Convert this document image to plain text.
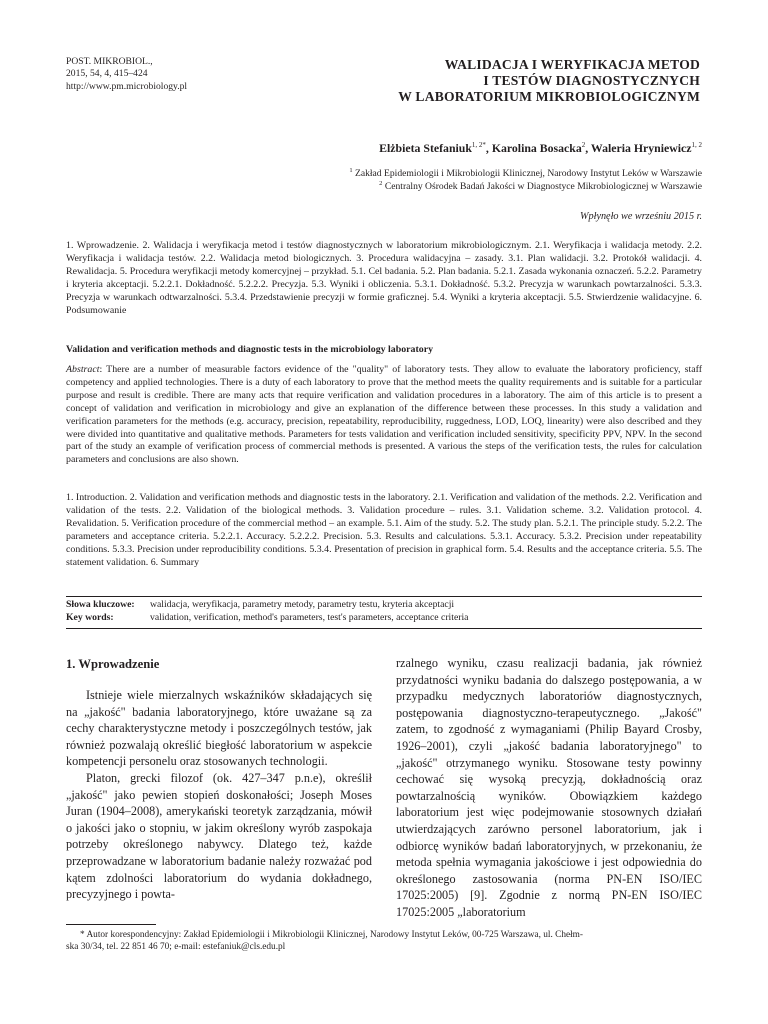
POST. MIKROBIOL.,
2015, 54, 4, 415–424
http://www.pm.microbiology.pl
WALIDACJA I WERYFIKACJA METOD
I TESTÓW DIAGNOSTYCZNYCH
W LABORATORIUM MIKROBIOLOGICZNYM
Elżbieta Stefaniuk$^{1, 2*}$, Karolina Bosacka$^2$, Waleria Hryniewicz$^{1, 2}$
$^1$ Zakład Epidemiologii i Mikrobiologii Klinicznej, Narodowy Instytut Leków w Warszawie
$^2$ Centralny Ośrodek Badań Jakości w Diagnostyce Mikrobiologicznej w Warszawie
Wpłynęło we wrześniu 2015 r.

1. Wprowadzenie. 2. Walidacja i weryfikacja metod i testów diagnostycznych w laboratorium mikrobiologicznym. 2.1. Weryfikacja i walidacja metody. 2.2. Weryfikacja i walidacja testów. 2.2. Walidacja metod biologicznych. 3. Procedura walidacyjna – zasady. 3.1. Plan walidacji. 3.2. Protokół walidacji. 4. Rewalidacja. 5. Procedura weryfikacji metody komercyjnej – przykład. 5.1. Cel badania. 5.2. Plan badania. 5.2.1. Zasada wykonania oznaczeń. 5.2.2. Parametry i kryteria akceptacji. 5.2.2.1. Dokładność. 5.2.2.2. Precyzja. 5.3. Wyniki i obliczenia. 5.3.1. Dokładność. 5.3.2. Precyzja w warunkach powtarzalności. 5.3.3. Precyzja w warunkach odtwarzalności. 5.3.4. Przedstawienie precyzji w formie graficznej. 5.4. Wyniki a kryteria akceptacji. 5.5. Stwierdzenie walidacyjne. 6. Podsumowanie

Validation and verification methods and diagnostic tests in the microbiology laboratory

Abstract: There are a number of measurable factors evidence of the "quality" of laboratory tests. They allow to evaluate the laboratory proficiency, staff competency and applied technologies. There is a duty of each laboratory to prove that the method meets the quality requirements and is suitable for a particular purpose and result is credible. There are many acts that require verification and validation procedures in a laboratory. The aim of this article is to present a concept of validation and verification in microbiology and give an explanation of the difference between these processes. In this study a validation and verification parameters for the methods (e.g. accuracy, precision, repeatability, reproducibility, ruggedness, LOD, LOQ, linearity) were also described and they were divided into quantitative and qualitative methods. Parameters for tests validation and verification included sensitivity, specificity PPV, NPV. In the second part of the study an example of verification process of commercial methods is presented. A various the steps of the verification tests, the rules for calculation parameters and conclusions are also shown.

1. Introduction. 2. Validation and verification methods and diagnostic tests in the laboratory. 2.1. Verification and validation of the methods. 2.2. Verification and validation of the tests. 2.2. Validation of the biological methods. 3. Validation procedure – rules. 3.1. Validation scheme. 3.2. Validation protocol. 4. Revalidation. 5. Verification procedure of the commercial method – an example. 5.1. Aim of the study. 5.2. The study plan. 5.2.1. The principle study. 5.2.2. The parameters and acceptance criteria. 5.2.2.1. Accuracy. 5.2.2.2. Precision. 5.3. Results and calculations. 5.3.1. Accuracy. 5.3.2. Precision under repeatability conditions. 5.3.3. Precision under reproducibility conditions. 5.3.4. Presentation of precision in graphical form. 5.4. Results and the acceptance criteria. 5.5. The statement validation. 6. Summary

Słowa kluczowe:	walidacja, weryfikacja, parametry metody, parametry testu, kryteria akceptacji
Key words:	validation, verification, method's parameters, test's parameters, acceptance criteria
1. Wprowadzenie

Istnieje wiele mierzalnych wskaźników składających się na „jakość" badania laboratoryjnego, które uważane są za cechy charakterystyczne metody i poszczególnych testów, jak również pozwalają określić biegłość laboratorium w aspekcie kompetencji personelu oraz stosowanych technologii.

Platon, grecki filozof (ok. 427–347 p.n.e), określił „jakość" jako pewien stopień doskonałości; Joseph Moses Juran (1904–2008), amerykański teoretyk zarządzania, mówił o jakości jako o stopniu, w jakim określony wyrób zaspokaja potrzeby określonego nabywcy. Dlatego też, każde przeprowadzane w laboratorium badanie należy rozważać pod kątem zdolności laboratorium do wydania dokładnego, precyzyjnego i powta-

rzalnego wyniku, czasu realizacji badania, jak również przydatności wyniku badania do dalszego postępowania, a w przypadku medycznych laboratoriów diagnostycznych, postępowania diagnostyczno-terapeutycznego. „Jakość" zatem, to zgodność z wymaganiami (Philip Bayard Crosby, 1926–2001), czyli „jakość badania laboratoryjnego" to „jakość" otrzymanego wyniku. Stosowane testy powinny cechować się wysoką precyzją, dokładnością oraz powtarzalnością wyników. Obowiązkiem każdego laboratorium jest więc podejmowanie stosownych działań utwierdzających zarówno personel laboratorium, jak i odbiorcę wyników badań laboratoryjnych, w przekonaniu, że metoda spełnia wymagania jakościowe i jest odpowiednia do określonego zastosowania (norma PN-EN ISO/IEC 17025:2005) [9]. Zgodnie z normą PN-EN ISO/IEC 17025:2005 „laboratorium

* Autor korespondencyjny: Zakład Epidemiologii i Mikrobiologii Klinicznej, Narodowy Instytut Leków, 00-725 Warszawa, ul. Chełm-
ska 30/34, tel. 22 851 46 70; e-mail: estefaniuk@cls.edu.pl
